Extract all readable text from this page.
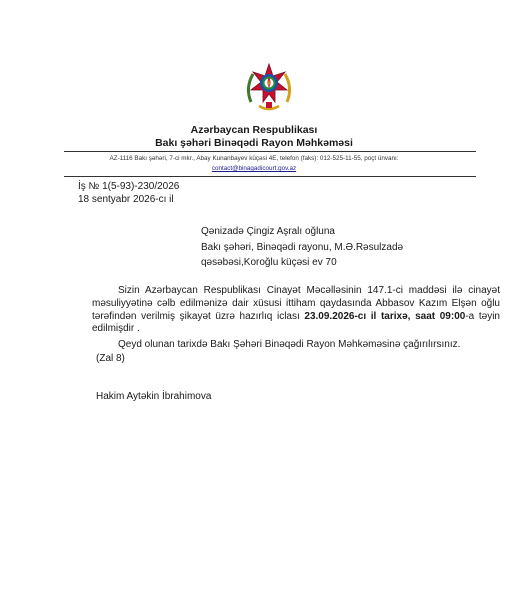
Azərbaycan Respublikası
Bakı şəhəri Binəqədi Rayon Məhkəməsi
AZ-1116 Bakı şəhəri, 7-ci mkr., Abay Kunanbayev küçəsi 4E, telefon (faks): 012-525-11-55, poçt ünvanı:
contact@binagadicourt.gov.az
İş № 1(5-93)-230/2026
18 sentyabr 2026-cı il
Qənizadə Çingiz Aşralı oğluna
Bakı şəhəri, Binəqədi rayonu, M.Ə.Rəsulzadə
qəsəbəsi,Koroğlu küçəsi ev 70
Sizin Azərbaycan Respublikası Cinayət Məcəlləsinin 147.1-ci maddəsi ilə cinayət məsuliyyətinə cəlb edilmənizə dair xüsusi ittiham qaydasında Abbasov Kazım Elşən oğlu tərəfindən verilmiş şikayət üzrə hazırlıq iclası 23.09.2026-cı il tarixə, saat 09:00-a təyin edilmişdir .
Qeyd olunan tarixdə Bakı Şəhəri Binəqədi Rayon Məhkəməsinə çağırılırsınız.
(Zal 8)
Hakim Aytəkin İbrahimova
